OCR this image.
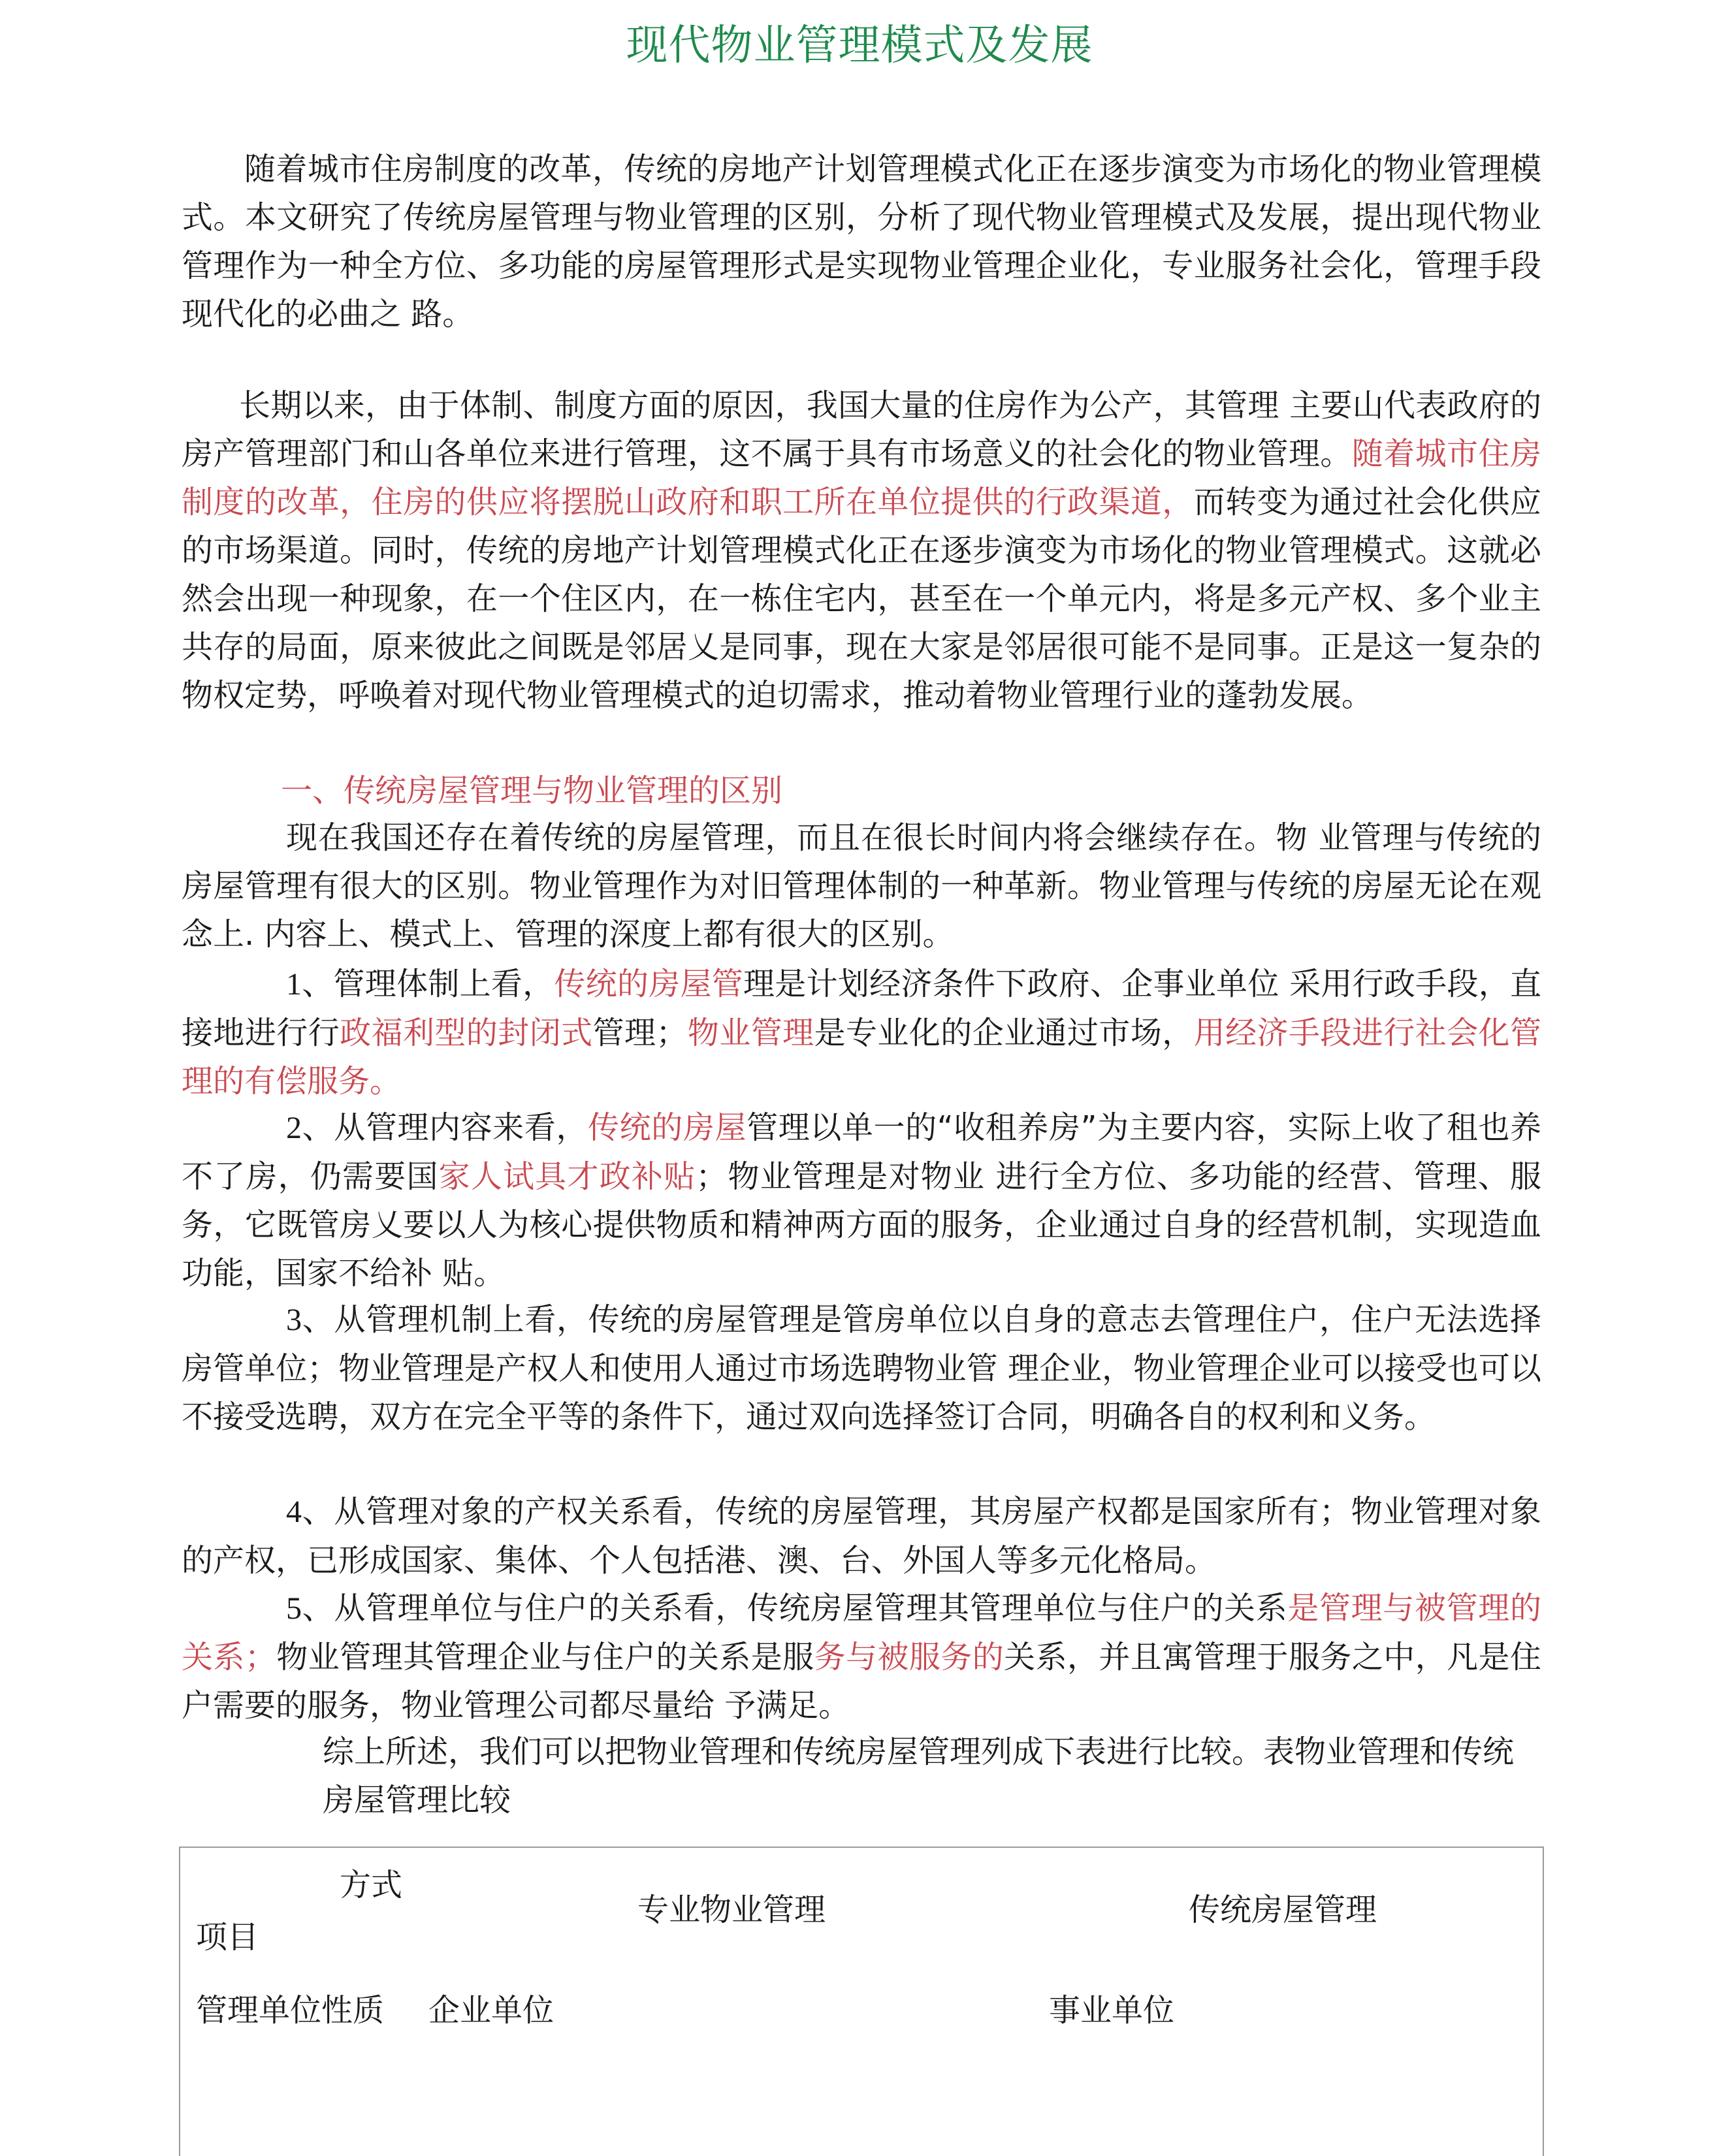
现代物业管理模式及发展

随着城市住房制度的改革，传统的房地产计划管理模式化正在逐步演变为市场化的物业管理模式。本文研究了传统房屋管理与物业管理的区别，分析了现代物业管理模式及发展，提出现代物业管理作为一种全方位、多功能的房屋管理形式是实现物业管理企业化，专业服务社会化，管理手段现代化的必曲之 路。

长期以来，由于体制、制度方面的原因，我国大量的住房作为公产，其管理 主要山代表政府的房产管理部门和山各单位来进行管理，这不属于具有市场意义的社会化的物业管理。随着城市住房制度的改革，住房的供应将摆脱山政府和职工所在单位提供的行政渠道，而转变为通过社会化供应的市场渠道。同时，传统的房地产计划管理模式化正在逐步演变为市场化的物业管理模式。这就必然会出现一种现象，在一个住区内，在一栋住宅内，甚至在一个单元内，将是多元产权、多个业主共存的局面，原来彼此之间既是邻居乂是同事，现在大家是邻居很可能不是同事。正是这一复杂的物权定势，呼唤着对现代物业管理模式的迫切需求，推动着物业管理行业的蓬勃发展。

一、传统房屋管理与物业管理的区别

现在我国还存在着传统的房屋管理，而且在很长时间内将会继续存在。物 业管理与传统的房屋管理有很大的区别。物业管理作为对旧管理体制的一种革新。物业管理与传统的房屋无论在观念上. 内容上、模式上、管理的深度上都有很大的区别。

1、管理体制上看，传统的房屋管理是计划经济条件下政府、企事业单位 采用行政手段，直接地进行行政福利型的封闭式管理；物业管理是专业化的企业通过市场，用经济手段进行社会化管理的有偿服务。

2、从管理内容来看，传统的房屋管理以单一的“收租养房”为主要内容，实际上收了租也养不了房，仍需要国家人试具才政补贴；物业管理是对物业 进行全方位、多功能的经营、管理、服务，它既管房乂要以人为核心提供物质和精神两方面的服务，企业通过自身的经营机制，实现造血功能，国家不给补 贴。

3、从管理机制上看，传统的房屋管理是管房单位以自身的意志去管理住户，住户无法选择房管单位；物业管理是产权人和使用人通过市场选聘物业管 理企业，物业管理企业可以接受也可以不接受选聘，双方在完全平等的条件下，通过双向选择签订合同，明确各自的权利和义务。

4、从管理对象的产权关系看，传统的房屋管理，其房屋产权都是国家所有；物业管理对象的产权，已形成国家、集体、个人包括港、澳、台、外国人等多元化格局。

5、从管理单位与住户的关系看，传统房屋管理其管理单位与住户的关系是管理与被管理的关系；物业管理其管理企业与住户的关系是服务与被服务的关系，并且寓管理于服务之中，凡是住户需要的服务，物业管理公司都尽量给 予满足。

综上所述，我们可以把物业管理和传统房屋管理列成下表进行比较。表物业管理和传统房屋管理比较

方式
项目
专业物业管理	传统房屋管理
管理单位性质 企业单位	事业单位
